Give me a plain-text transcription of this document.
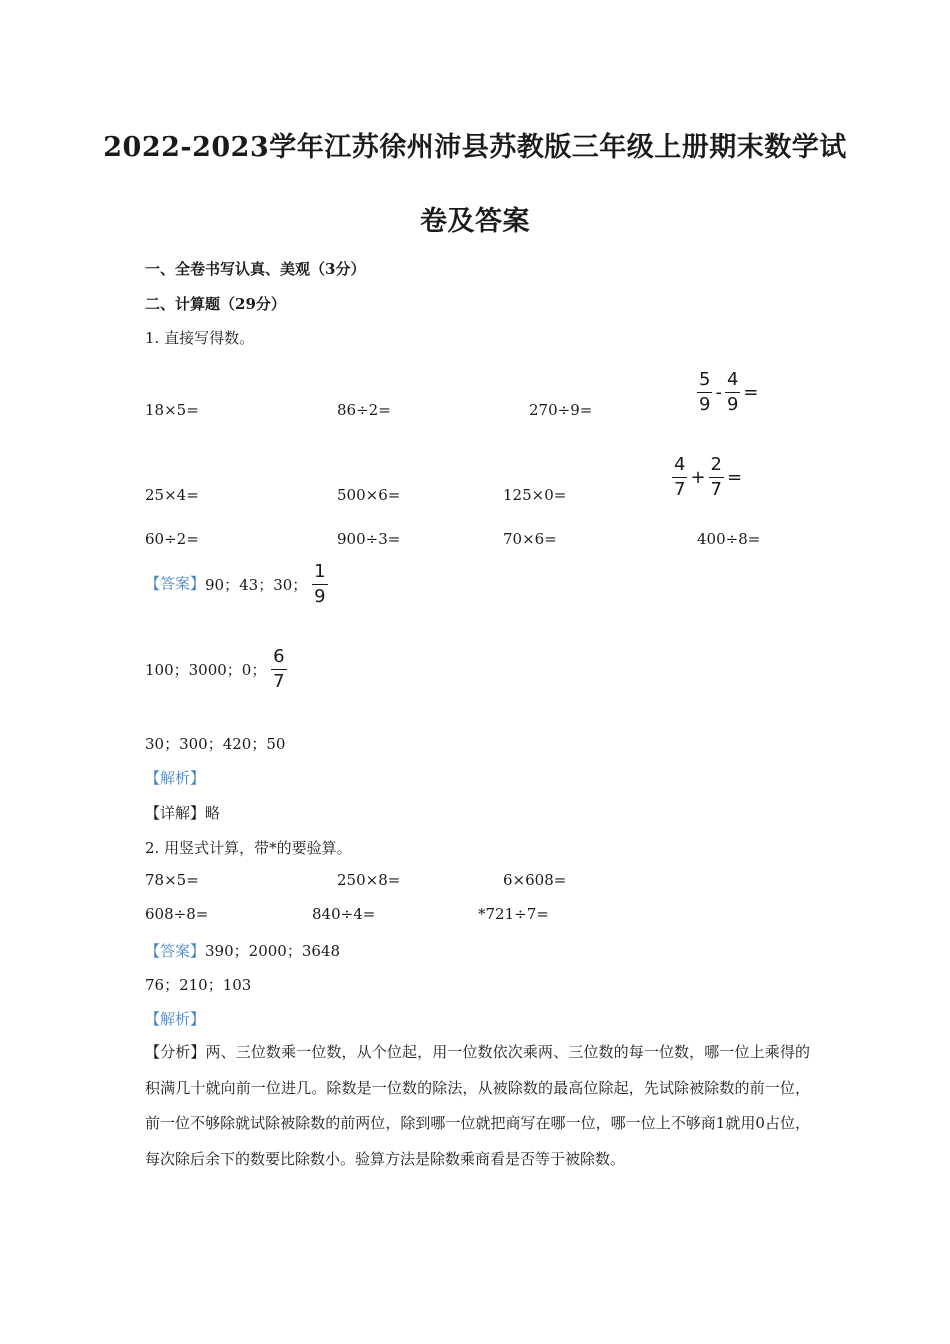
2022-2023学年江苏徐州沛县苏教版三年级上册期末数学试
卷及答案
一、全卷书写认真、美观（3分）
二、计算题（29分）
1. 直接写得数。
18×5=	86÷2=	270÷9=	$\frac{5}{9} - \frac{4}{9}$ =
25×4=	500×6=	125×0=	$\frac{4}{7} + \frac{2}{7}$ =
60÷2=	900÷3=	70×6=	400÷8=
【答案】90；43；30； $\frac{1}{9}$
100；3000；0； $\frac{6}{7}$
30；300；420；50
【解析】
【详解】略
2. 用竖式计算，带*的要验算。
78×5=	250×8=	6×608=
608÷8=	840÷4=	*721÷7=
【答案】390；2000；3648
76；210；103
【解析】
【分析】两、三位数乘一位数，从个位起，用一位数依次乘两、三位数的每一位数，哪一位上乘得的积满几十就向前一位进几。除数是一位数的除法，从被除数的最高位除起，先试除被除数的前一位，前一位不够除就试除被除数的前两位，除到哪一位就把商写在哪一位，哪一位上不够商1就用0占位，每次除后余下的数要比除数小。验算方法是除数乘商看是否等于被除数。
